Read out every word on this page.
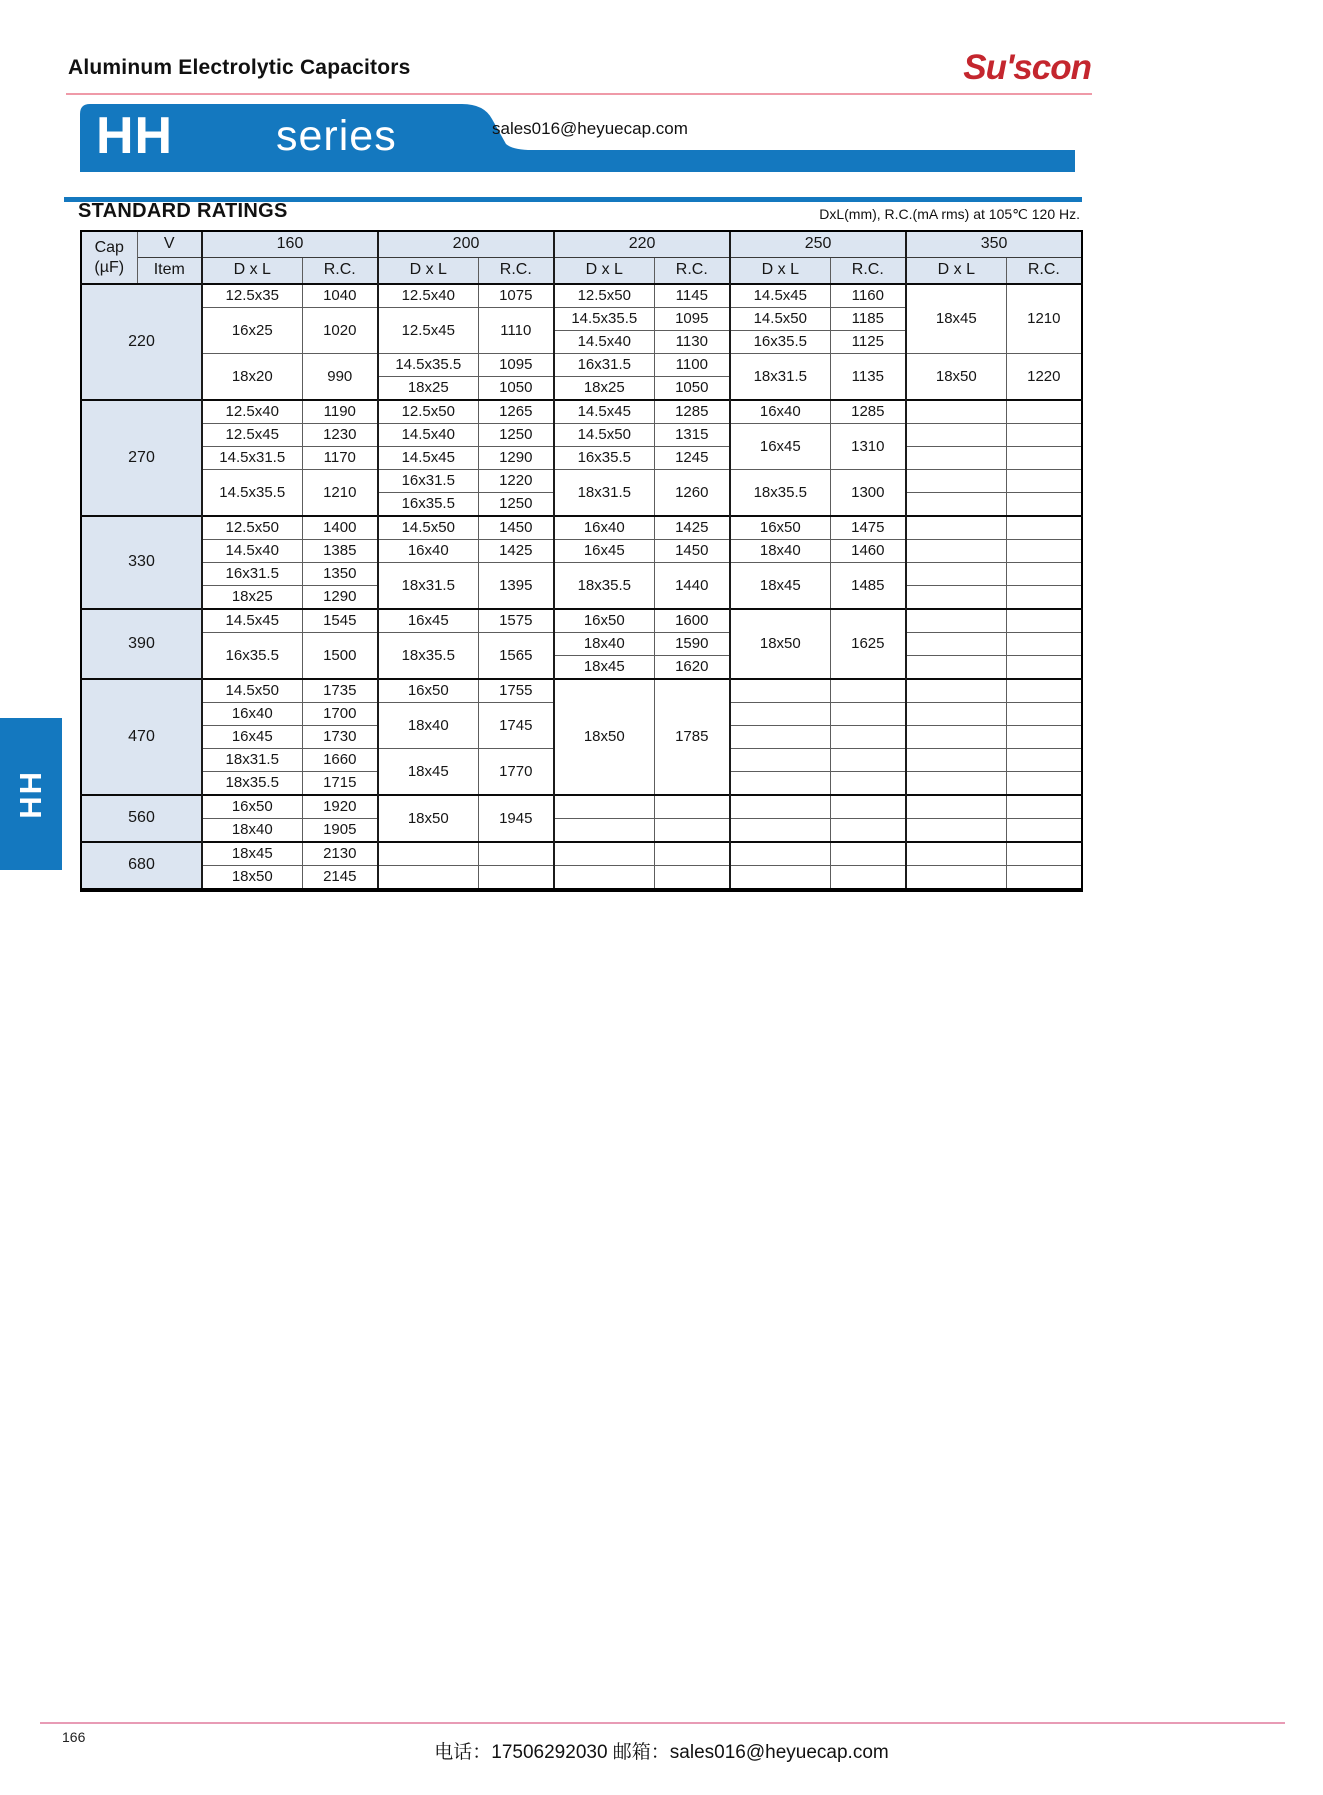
Aluminum Electrolytic Capacitors	Su'scon
HH series	sales016@heyuecap.com
STANDARD RATINGS	DxL(mm), R.C.(mA rms) at 105℃ 120 Hz.
Cap
(µF)	V	160		200		220		250		350	
	Item	D x L	R.C.	D x L	R.C.	D x L	R.C.	D x L	R.C.	D x L	R.C.
220		12.5x35	1040	12.5x40	1075	12.5x50	1145	14.5x45	1160	18x45	1210
		16x25	1020	12.5x45	1110	14.5x35.5	1095	14.5x50	1185		
						14.5x40	1130	16x35.5	1125		
		18x20	990	14.5x35.5	1095	16x31.5	1100	18x31.5	1135	18x50	1220
				18x25	1050	18x25	1050				
270		12.5x40	1190	12.5x50	1265	14.5x45	1285	16x40	1285		
		12.5x45	1230	14.5x40	1250	14.5x50	1315	16x45	1310		
		14.5x31.5	1170	14.5x45	1290	16x35.5	1245				
		14.5x35.5	1210	16x31.5	1220	18x31.5	1260	18x35.5	1300		
				16x35.5	1250						
330		12.5x50	1400	14.5x50	1450	16x40	1425	16x50	1475		
		14.5x40	1385	16x40	1425	16x45	1450	18x40	1460		
		16x31.5	1350	18x31.5	1395	18x35.5	1440	18x45	1485		
		18x25	1290								
390		14.5x45	1545	16x45	1575	16x50	1600	18x50	1625		
		16x35.5	1500	18x35.5	1565	18x40	1590				
						18x45	1620				
470		14.5x50	1735	16x50	1755	18x50	1785				
		16x40	1700	18x40	1745						
		16x45	1730								
		18x31.5	1660	18x45	1770						
		18x35.5	1715								
560		16x50	1920	18x50	1945						
		18x40	1905								
680		18x45	2130								
		18x50	2145								
HH
166
电话：17506292030 邮箱：sales016@heyuecap.com
